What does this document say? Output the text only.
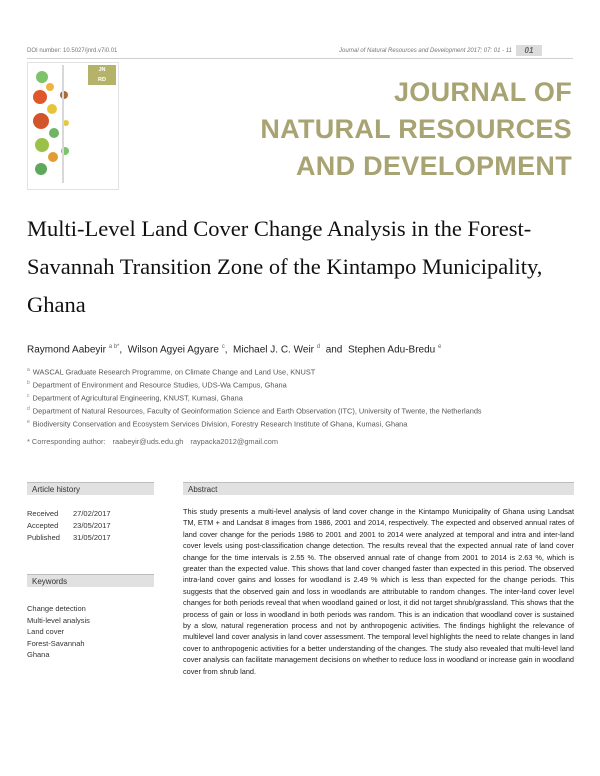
DOI number: 10.5027/jnrd.v7i0.01	Journal of Natural Resources and Development 2017; 07: 01 - 11	01
JN
RD	JOURNAL OF
NATURAL RESOURCES
AND DEVELOPMENT
Multi-Level Land Cover Change Analysis in the Forest-Savannah Transition Zone of the Kintampo Municipality, Ghana
Raymond Aabeyir $^{a b*}$, Wilson Agyei Agyare $^c$, Michael J. C. Weir $^d$ and Stephen Adu-Bredu $^e$
$^a$ WASCAL Graduate Research Programme, on Climate Change and Land Use, KNUST
$^b$ Department of Environment and Resource Studies, UDS-Wa Campus, Ghana
$^c$ Department of Agricultural Engineering, KNUST, Kumasi, Ghana
$^d$ Department of Natural Resources, Faculty of Geoinformation Science and Earth Observation (ITC), University of Twente, the Netherlands
$^e$ Biodiversity Conservation and Ecosystem Services Division, Forestry Research Institute of Ghana, Kumasi, Ghana
* Corresponding author: raabeyir@uds.edu.gh raypacka2012@gmail.com
Article history
Received 27/02/2017
Accepted 23/05/2017
Published 31/05/2017
Keywords
Change detection
Multi-level analysis
Land cover
Forest-Savannah
Ghana
Abstract
This study presents a multi-level analysis of land cover change in the Kintampo Municipality of Ghana using Landsat TM, ETM + and Landsat 8 images from 1986, 2001 and 2014, respectively. The expected and observed annual rates of land cover change for the periods 1986 to 2001 and 2001 to 2014 were analyzed at temporal and intra and inter-land cover levels using post-classification change detection. The results reveal that the expected annual rate of land cover change for the time intervals is 2.55 %. The observed annual rate of change from 2001 to 2014 is 2.63 %, which is greater than the expected value. This shows that land cover changed faster than expected in this period. The observed intra-land cover gains and losses for woodland is 2.49 % which is less than expected for the change periods. This suggests that the observed gain and loss in woodlands are attributable to random changes. The inter-land cover level changes for both periods reveal that when woodland gained or lost, it did not target shrub/grassland. This shows that the process of gain or loss in woodland in both periods was random. This is an indication that woodland cover is sustained by a slow, natural regeneration process and not by anthropogenic activities. The findings highlight the relevance of multilevel land cover analysis in land cover assessment. The temporal level highlights the need to relate changes in land cover to anthropogenic activities for a better understanding of the changes. The study also revealed that multi-level land cover analysis can facilitate management decisions on whether to reduce loss in woodland or increase gain in woodland cover from shrub land.
